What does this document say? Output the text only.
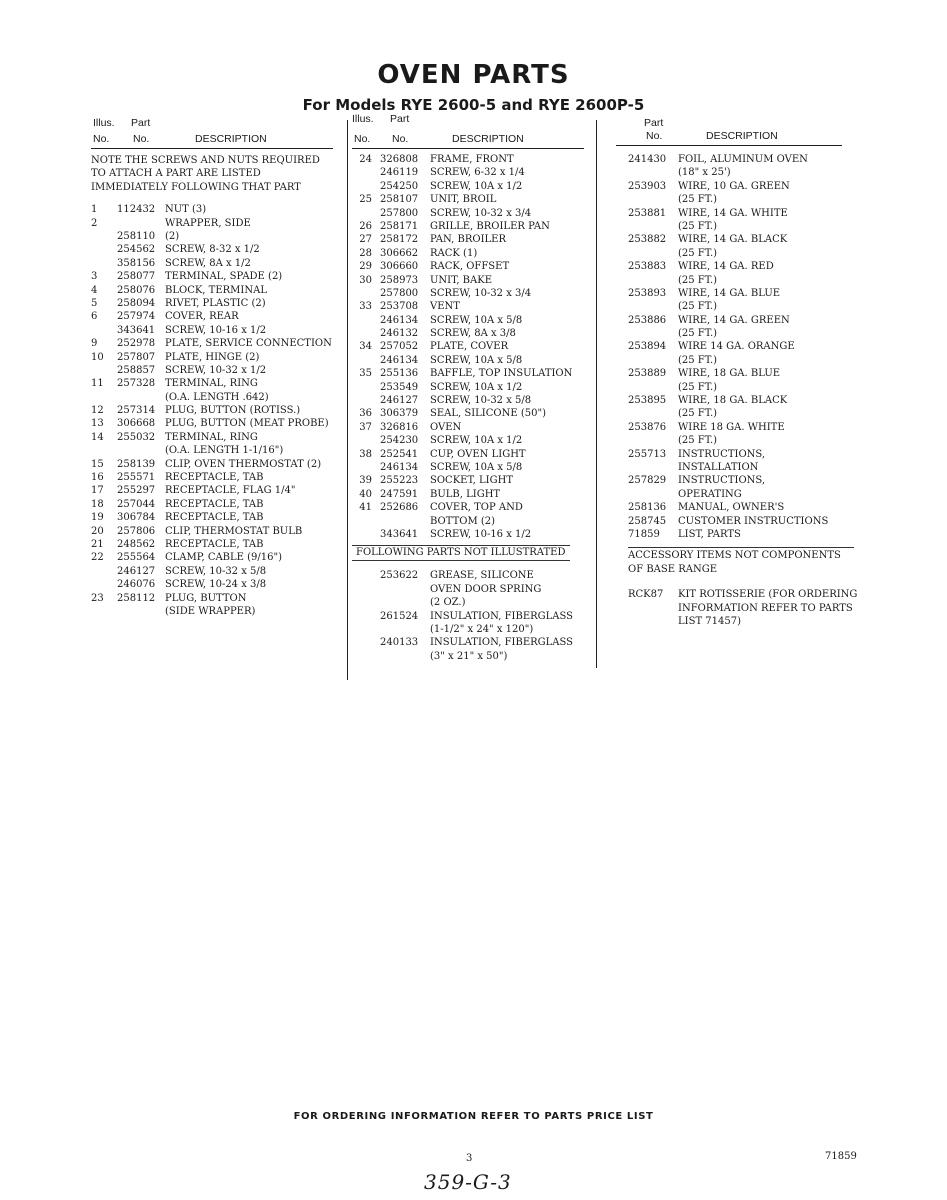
OVEN PARTS
For Models RYE 2600-5 and RYE 2600P-5
Illus. Part
No. No.	DESCRIPTION
NOTE THE SCREWS AND NUTS REQUIRED
TO ATTACH A PART ARE LISTED
IMMEDIATELY FOLLOWING THAT PART
1 112432 NUT (3)
2	WRAPPER, SIDE
258110 (2)
254562 SCREW, 8-32 x 1/2
358156 SCREW, 8A x 1/2
3 258077 TERMINAL, SPADE (2)
4 258076 BLOCK, TERMINAL
5 258094 RIVET, PLASTIC (2)
6 257974 COVER, REAR
343641 SCREW, 10-16 x 1/2
9 252978 PLATE, SERVICE CONNECTION
10 257807 PLATE, HINGE (2)
258857 SCREW, 10-32 x 1/2
11 257328 TERMINAL, RING
(O.A. LENGTH .642)
12 257314 PLUG, BUTTON (ROTISS.)
13 306668 PLUG, BUTTON (MEAT PROBE)
14 255032 TERMINAL, RING
(O.A. LENGTH 1-1/16")
15 258139 CLIP, OVEN THERMOSTAT (2)
16 255571 RECEPTACLE, TAB
17 255297 RECEPTACLE, FLAG 1/4"
18 257044 RECEPTACLE, TAB
19 306784 RECEPTACLE, TAB
20 257806 CLIP, THERMOSTAT BULB
21 248562 RECEPTACLE, TAB
22 255564 CLAMP, CABLE (9/16")
246127 SCREW, 10-32 x 5/8
246076 SCREW, 10-24 x 3/8
23 258112 PLUG, BUTTON
(SIDE WRAPPER)
Illus. Part
No. No.	DESCRIPTION
24 326808 FRAME, FRONT
246119 SCREW, 6-32 x 1/4
254250 SCREW, 10A x 1/2
25 258107 UNIT, BROIL
257800 SCREW, 10-32 x 3/4
26 258171 GRILLE, BROILER PAN
27 258172 PAN, BROILER
28 306662 RACK (1)
29 306660 RACK, OFFSET
30 258973 UNIT, BAKE
257800 SCREW, 10-32 x 3/4
33 253708 VENT
246134 SCREW, 10A x 5/8
246132 SCREW, 8A x 3/8
34 257052 PLATE, COVER
246134 SCREW, 10A x 5/8
35 255136 BAFFLE, TOP INSULATION
253549 SCREW, 10A x 1/2
246127 SCREW, 10-32 x 5/8
36 306379 SEAL, SILICONE (50")
37 326816 OVEN
254230 SCREW, 10A x 1/2
38 252541 CUP, OVEN LIGHT
246134 SCREW, 10A x 5/8
39 255223 SOCKET, LIGHT
40 247591 BULB, LIGHT
41 252686 COVER, TOP AND
BOTTOM (2)
343641 SCREW, 10-16 x 1/2
FOLLOWING PARTS NOT ILLUSTRATED
253622 GREASE, SILICONE
OVEN DOOR SPRING
(2 OZ.)
261524 INSULATION, FIBERGLASS
(1-1/2" x 24" x 120")
240133 INSULATION, FIBERGLASS
(3" x 21" x 50")
Part
No.	DESCRIPTION
241430 FOIL, ALUMINUM OVEN
(18" x 25')
253903 WIRE, 10 GA. GREEN
(25 FT.)
253881 WIRE, 14 GA. WHITE
(25 FT.)
253882 WIRE, 14 GA. BLACK
(25 FT.)
253883 WIRE, 14 GA. RED
(25 FT.)
253893 WIRE, 14 GA. BLUE
(25 FT.)
253886 WIRE, 14 GA. GREEN
(25 FT.)
253894 WIRE 14 GA. ORANGE
(25 FT.)
253889 WIRE, 18 GA. BLUE
(25 FT.)
253895 WIRE, 18 GA. BLACK
(25 FT.)
253876 WIRE 18 GA. WHITE
(25 FT.)
255713 INSTRUCTIONS,
INSTALLATION
257829 INSTRUCTIONS,
OPERATING
258136 MANUAL, OWNER'S
258745 CUSTOMER INSTRUCTIONS
71859 LIST, PARTS
ACCESSORY ITEMS NOT COMPONENTS
OF BASE RANGE
RCK87 KIT ROTISSERIE (FOR ORDERING
INFORMATION REFER TO PARTS
LIST 71457)
FOR ORDERING INFORMATION REFER TO PARTS PRICE LIST
3	71859
359-G-3
